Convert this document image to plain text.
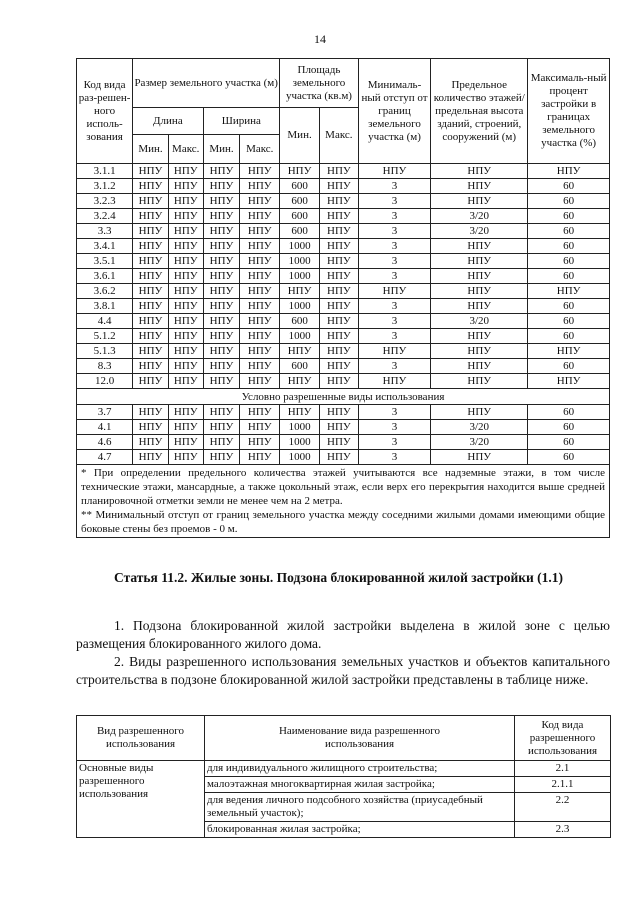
14
Код вида раз-решен-ного исполь-зования	Размер земельного участка (м)				Площадь земельного участка (кв.м)		Минималь-ный отступ от границ земельного участка (м)	Предельное количество этажей/ предельная высота зданий, строений, сооружений (м)	Максималь-ный процент застройки в границах земельного участка (%)
	Длина		Ширина		Мин.	Макс.			
	Мин.	Макс.	Мин.	Макс.					
3.1.1	НПУ	НПУ	НПУ	НПУ	НПУ	НПУ	НПУ	НПУ	НПУ
3.1.2	НПУ	НПУ	НПУ	НПУ	600	НПУ	3	НПУ	60
3.2.3	НПУ	НПУ	НПУ	НПУ	600	НПУ	3	НПУ	60
3.2.4	НПУ	НПУ	НПУ	НПУ	600	НПУ	3	3/20	60
3.3	НПУ	НПУ	НПУ	НПУ	600	НПУ	3	3/20	60
3.4.1	НПУ	НПУ	НПУ	НПУ	1000	НПУ	3	НПУ	60
3.5.1	НПУ	НПУ	НПУ	НПУ	1000	НПУ	3	НПУ	60
3.6.1	НПУ	НПУ	НПУ	НПУ	1000	НПУ	3	НПУ	60
3.6.2	НПУ	НПУ	НПУ	НПУ	НПУ	НПУ	НПУ	НПУ	НПУ
3.8.1	НПУ	НПУ	НПУ	НПУ	1000	НПУ	3	НПУ	60
4.4	НПУ	НПУ	НПУ	НПУ	600	НПУ	3	3/20	60
5.1.2	НПУ	НПУ	НПУ	НПУ	1000	НПУ	3	НПУ	60
5.1.3	НПУ	НПУ	НПУ	НПУ	НПУ	НПУ	НПУ	НПУ	НПУ
8.3	НПУ	НПУ	НПУ	НПУ	600	НПУ	3	НПУ	60
12.0	НПУ	НПУ	НПУ	НПУ	НПУ	НПУ	НПУ	НПУ	НПУ
Условно разрешенные виды использования									
3.7	НПУ	НПУ	НПУ	НПУ	НПУ	НПУ	3	НПУ	60
4.1	НПУ	НПУ	НПУ	НПУ	1000	НПУ	3	3/20	60
4.6	НПУ	НПУ	НПУ	НПУ	1000	НПУ	3	3/20	60
4.7	НПУ	НПУ	НПУ	НПУ	1000	НПУ	3	НПУ	60

* При определении предельного количества этажей учитываются все надземные этажи, в том числе технические этажи, мансардные, а также цокольный этаж, если верх его перекрытия находится выше средней планировочной отметки земли не менее чем на 2 метра.
** Минимальный отступ от границ земельного участка между соседними жилыми домами имеющими общие боковые стены без проемов - 0 м.									
Статья 11.2. Жилые зоны. Подзона блокированной жилой застройки (1.1)
1. Подзона блокированной жилой застройки выделена в жилой зоне с целью размещения блокированного жилого дома.
2. Виды разрешенного использования земельных участков и объектов капитального строительства в подзоне блокированной жилой застройки представлены в таблице ниже.
Вид разрешенного использования	Наименование вида разрешенного использования	Код вида разрешенного использования
Основные виды разрешенного использования	для индивидуального жилищного строительства;	2.1
	малоэтажная многоквартирная жилая застройка;	2.1.1
	для ведения личного подсобного хозяйства (приусадебный земельный участок);	2.2
	блокированная жилая застройка;	2.3
